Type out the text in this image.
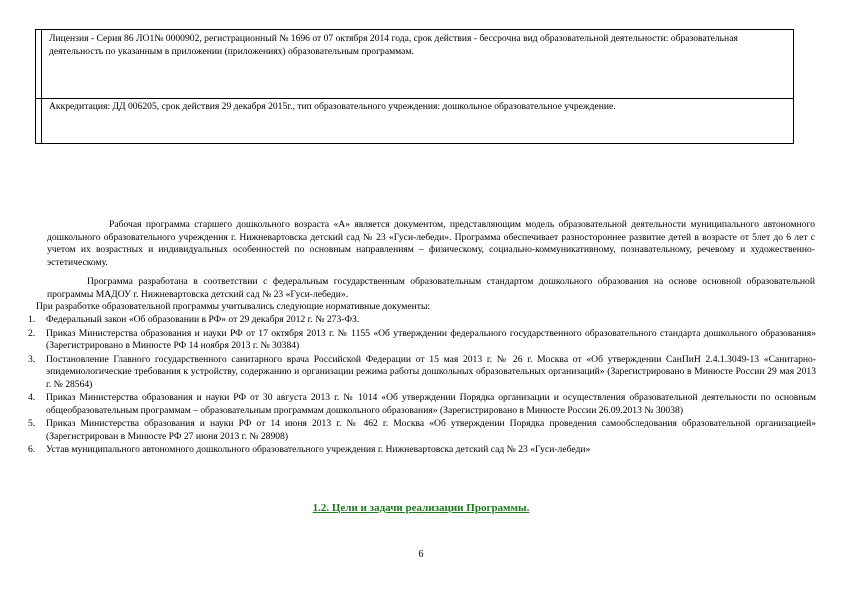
Лицензия - Серия 86 ЛО1№ 0000902, регистрационный № 1696 от 07 октября 2014 года, срок действия - бессрочна вид образовательной деятельности: образовательная деятельность по указанным в приложении (приложениях) образовательным программам.
Аккредитация: ДД 006205, срок действия 29 декабря 2015г., тип образовательного учреждения: дошкольное образовательное учреждение.
Рабочая программа старшего дошкольного возраста «А» является документом, представляющим модель образовательной деятельности муниципального автономного дошкольного образовательного учреждения г. Нижневартовска детский сад № 23 «Гуси-лебеди». Программа обеспечивает разностороннее развитие детей в возрасте от 5лет до 6 лет с учетом их возрастных и индивидуальных особенностей по основным направлениям – физическому, социально-коммуникативному, познавательному, речевому и художественно-эстетическому.
Программа разработана в соответствии с федеральным государственным образовательным стандартом дошкольного образования на основе основной образовательной программы МАДОУ г. Нижневартовска детский сад № 23 «Гуси-лебеди».
При разработке образовательной программы учитывались следующие нормативные документы:
1.	Федеральный закон «Об образовании в РФ» от 29 декабря 2012 г. № 273-ФЗ.
2.	Приказ Министерства образования и науки РФ от 17 октября 2013 г. № 1155 «Об утверждении федерального государственного образовательного стандарта дошкольного образования» (Зарегистрировано в Минюсте РФ 14 ноября 2013 г. № 30384)
3.	Постановление Главного государственного санитарного врача Российской Федерации от 15 мая 2013 г. № 26 г. Москва от «Об утверждении СанПиН 2.4.1.3049-13 «Санитарно- эпидемиологические требования к устройству, содержанию и организации режима работы дошкольных образовательных организаций» (Зарегистрировано в Минюсте России 29 мая 2013 г. № 28564)
4.	Приказ Министерства образования и науки РФ от 30 августа 2013 г. № 1014 «Об утверждении Порядка организации и осуществления образовательной деятельности по основным общеобразовательным программам – образовательным программам дошкольного образования» (Зарегистрировано в Минюсте России 26.09.2013 № 30038)
5.	Приказ Министерства образования и науки РФ от 14 июня 2013 г. № 462 г. Москва «Об утверждении Порядка проведения самообследования образовательной организацией» (Зарегистрирован в Минюсте РФ 27 июня 2013 г. № 28908)
6.	Устав муниципального автономного дошкольного образовательного учреждения г. Нижневартовска детский сад № 23 «Гуси-лебеди»
1.2. Цели и задачи реализации Программы.
6
